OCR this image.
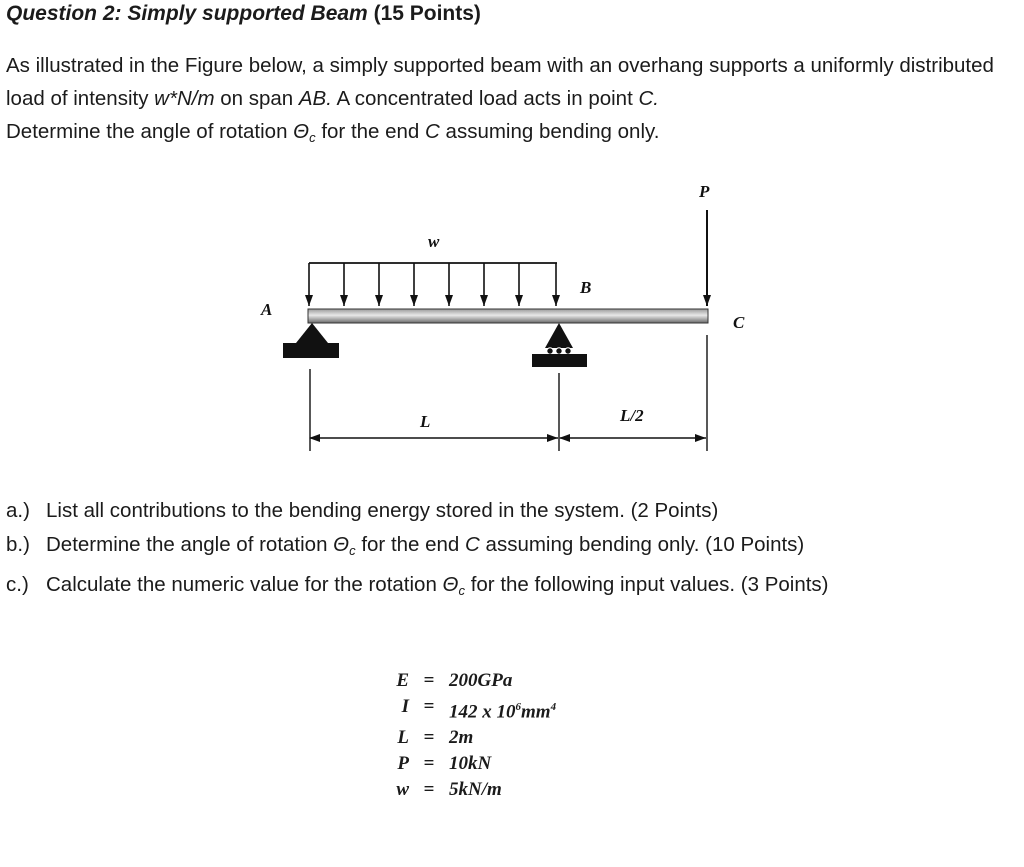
Question 2: Simply supported Beam (15 Points)
As illustrated in the Figure below, a simply supported beam with an overhang supports a uniformly distributed load of intensity w*N/m on span AB. A concentrated load acts in point C.
Determine the angle of rotation $\Theta_c$ for the end C assuming bending only.
A
B
C
P
w
L	L/2
a.) List all contributions to the bending energy stored in the system. (2 Points)
b.) Determine the angle of rotation $\Theta_c$ for the end C assuming bending only. (10 Points)
c.) Calculate the numeric value for the rotation $\Theta_c$ for the following input values. (3 Points)
E = 200GPa
I = 142 x $10^6mm^4$
L = 2m
P = 10kN
w = 5kN/m
